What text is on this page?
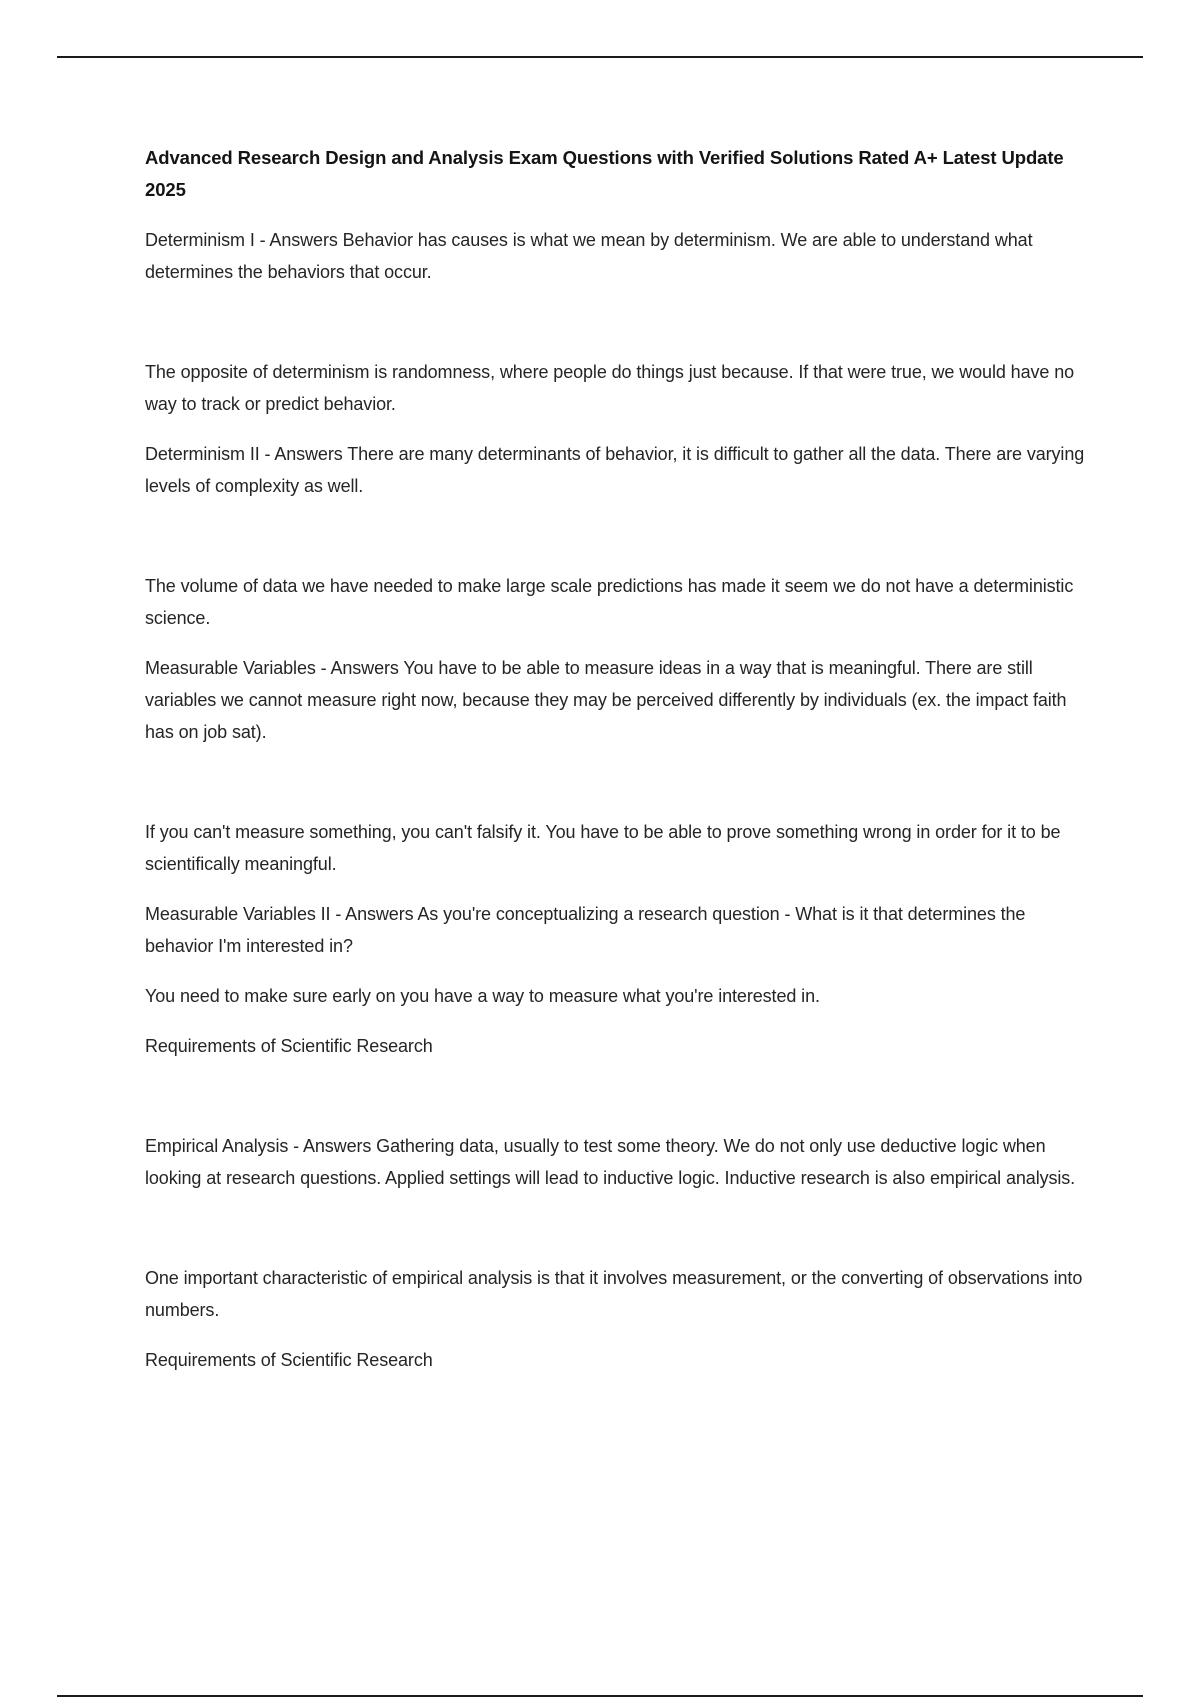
Advanced Research Design and Analysis Exam Questions with Verified Solutions Rated A+ Latest Update 2025

Determinism I - Answers Behavior has causes is what we mean by determinism. We are able to understand what determines the behaviors that occur.

The opposite of determinism is randomness, where people do things just because. If that were true, we would have no way to track or predict behavior.

Determinism II - Answers There are many determinants of behavior, it is difficult to gather all the data. There are varying levels of complexity as well.

The volume of data we have needed to make large scale predictions has made it seem we do not have a deterministic science.

Measurable Variables - Answers You have to be able to measure ideas in a way that is meaningful. There are still variables we cannot measure right now, because they may be perceived differently by individuals (ex. the impact faith has on job sat).

If you can't measure something, you can't falsify it. You have to be able to prove something wrong in order for it to be scientifically meaningful.

Measurable Variables II - Answers As you're conceptualizing a research question - What is it that determines the behavior I'm interested in?

You need to make sure early on you have a way to measure what you're interested in.

Requirements of Scientific Research

Empirical Analysis - Answers Gathering data, usually to test some theory. We do not only use deductive logic when looking at research questions. Applied settings will lead to inductive logic. Inductive research is also empirical analysis.

One important characteristic of empirical analysis is that it involves measurement, or the converting of observations into numbers.

Requirements of Scientific Research
